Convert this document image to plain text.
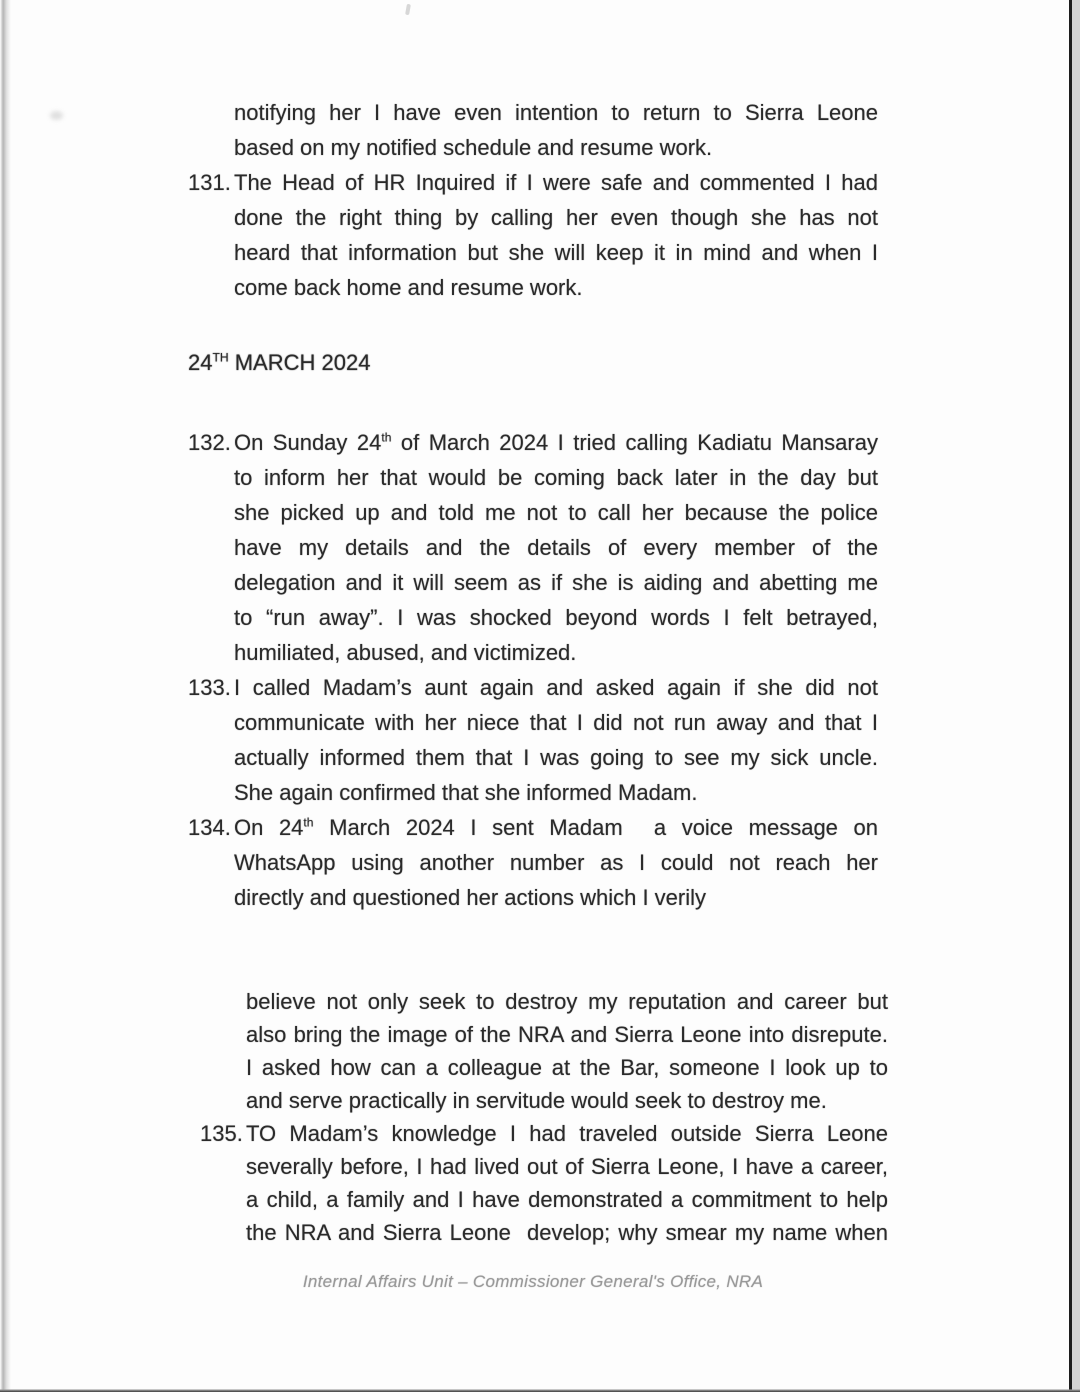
notifying her I have even intention to return to Sierra Leone
based on my notified schedule and resume work.
131. The Head of HR Inquired if I were safe and commented I had
done the right thing by calling her even though she has not
heard that information but she will keep it in mind and when I
come back home and resume work.
24TH MARCH 2024
132. On Sunday 24th of March 2024 I tried calling Kadiatu Mansaray
to inform her that would be coming back later in the day but
she picked up and told me not to call her because the police
have my details and the details of every member of the
delegation and it will seem as if she is aiding and abetting me
to “run away”. I was shocked beyond words I felt betrayed,
humiliated, abused, and victimized.
133. I called Madam’s aunt again and asked again if she did not
communicate with her niece that I did not run away and that I
actually informed them that I was going to see my sick uncle.
She again confirmed that she informed Madam.
134. On 24th March 2024 I sent Madam  a voice message on
WhatsApp using another number as I could not reach her
directly and questioned her actions which I verily
believe not only seek to destroy my reputation and career but
also bring the image of the NRA and Sierra Leone into disrepute.
I asked how can a colleague at the Bar, someone I look up to
and serve practically in servitude would seek to destroy me.
135. TO Madam’s knowledge I had traveled outside Sierra Leone
severally before, I had lived out of Sierra Leone, I have a career,
a child, a family and I have demonstrated a commitment to help
the NRA and Sierra Leone  develop; why smear my name when
Internal Affairs Unit – Commissioner General's Office, NRA
